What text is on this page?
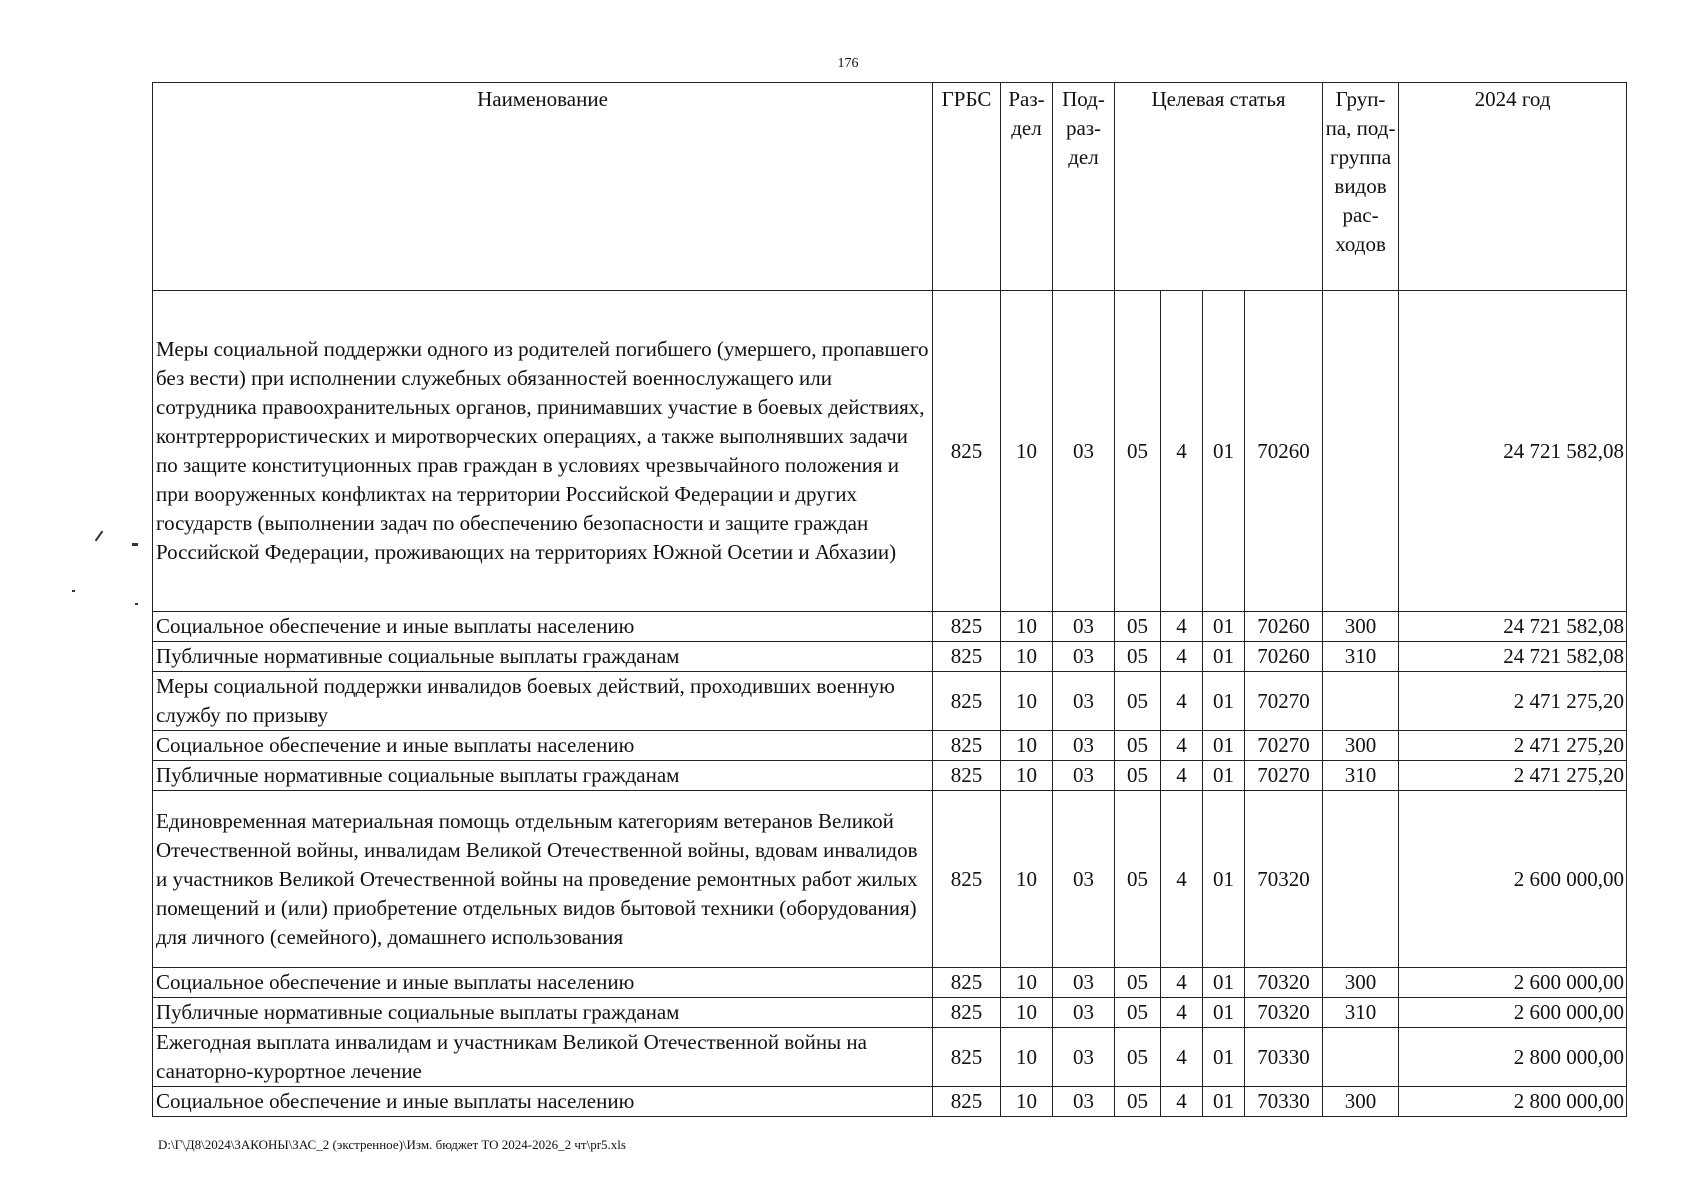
176
Наименование	ГРБС	Раз- дел	Под- раз- дел	Целевая статья				Груп- па, под- группа видов рас- ходов	2024 год

Меры социальной поддержки одного из родителей погибшего (умершего, пропавшего без вести) при исполнении служебных обязанностей военнослужащего или сотрудника правоохранительных органов, принимавших участие в боевых действиях, контртеррористических и миротворческих операциях, а также выполнявших задачи по защите конституционных прав граждан в условиях чрезвычайного положения и при вооруженных конфликтах на территории Российской Федерации и других государств (выполнении задач по обеспечению безопасности и защите граждан Российской Федерации, проживающих на территориях Южной Осетии и Абхазии)	825	10	03	05	4	01	70260		24 721 582,08
Социальное обеспечение и иные выплаты населению	825	10	03	05	4	01	70260	300	24 721 582,08
Публичные нормативные социальные выплаты гражданам	825	10	03	05	4	01	70260	310	24 721 582,08
Меры социальной поддержки инвалидов боевых действий, проходивших военную службу по призыву	825	10	03	05	4	01	70270		2 471 275,20
Социальное обеспечение и иные выплаты населению	825	10	03	05	4	01	70270	300	2 471 275,20
Публичные нормативные социальные выплаты гражданам	825	10	03	05	4	01	70270	310	2 471 275,20
Единовременная материальная помощь отдельным категориям ветеранов Великой Отечественной войны, инвалидам Великой Отечественной войны, вдовам инвалидов и участников Великой Отечественной войны на проведение ремонтных работ жилых помещений и (или) приобретение отдельных видов бытовой техники (оборудования) для личного (семейного), домашнего использования	825	10	03	05	4	01	70320		2 600 000,00
Социальное обеспечение и иные выплаты населению	825	10	03	05	4	01	70320	300	2 600 000,00
Публичные нормативные социальные выплаты гражданам	825	10	03	05	4	01	70320	310	2 600 000,00
Ежегодная выплата инвалидам и участникам Великой Отечественной войны на санаторно-курортное лечение	825	10	03	05	4	01	70330		2 800 000,00
Социальное обеспечение и иные выплаты населению	825	10	03	05	4	01	70330	300	2 800 000,00
D:\Г\Д8\2024\ЗАКОНЫ\ЗАС_2 (экстренное)\Изм. бюджет ТО 2024-2026_2 чт\pr5.xls
